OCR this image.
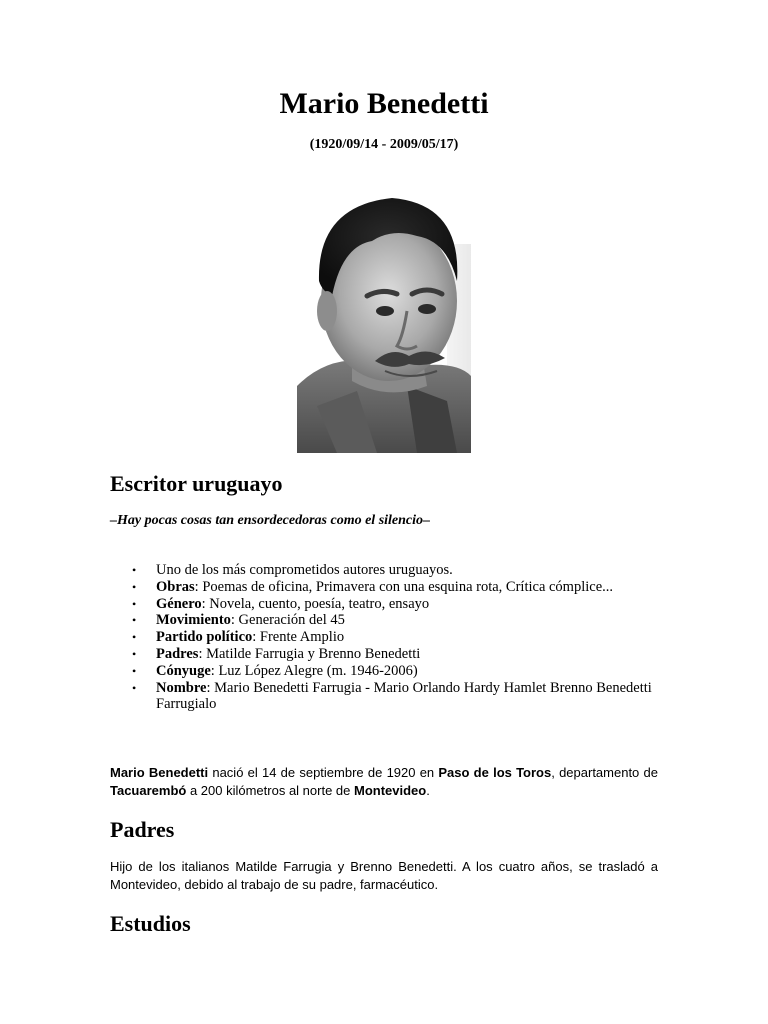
Mario Benedetti
(1920/09/14 - 2009/05/17)
Escritor uruguayo
–Hay pocas cosas tan ensordecedoras como el silencio–
• Uno de los más comprometidos autores uruguayos.
• Obras: Poemas de oficina, Primavera con una esquina rota, Crítica cómplice...
• Género: Novela, cuento, poesía, teatro, ensayo
• Movimiento: Generación del 45
• Partido político: Frente Amplio
• Padres: Matilde Farrugia y Brenno Benedetti
• Cónyuge: Luz López Alegre (m. 1946-2006)
• Nombre: Mario Benedetti Farrugia - Mario Orlando Hardy Hamlet Brenno Benedetti Farrugialo
Mario Benedetti nació el 14 de septiembre de 1920 en Paso de los Toros, departamento de Tacuarembó a 200 kilómetros al norte de Montevideo.
Padres
Hijo de los italianos Matilde Farrugia y Brenno Benedetti. A los cuatro años, se trasladó a Montevideo, debido al trabajo de su padre, farmacéutico.
Estudios
